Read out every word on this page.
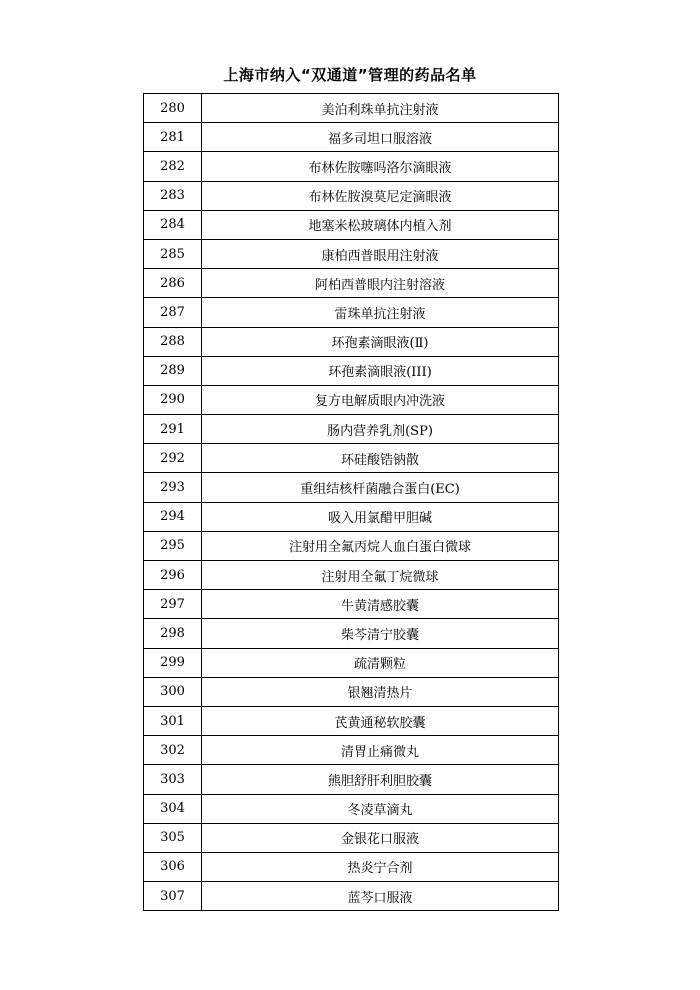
上海市纳入“双通道”管理的药品名单
280	美泊利珠单抗注射液
281	福多司坦口服溶液
282	布林佐胺噻吗洛尔滴眼液
283	布林佐胺溴莫尼定滴眼液
284	地塞米松玻璃体内植入剂
285	康柏西普眼用注射液
286	阿柏西普眼内注射溶液
287	雷珠单抗注射液
288	环孢素滴眼液(Ⅱ)
289	环孢素滴眼液(III)
290	复方电解质眼内冲洗液
291	肠内营养乳剂(SP)
292	环硅酸锆钠散
293	重组结核杆菌融合蛋白(EC)
294	吸入用氯醋甲胆碱
295	注射用全氟丙烷人血白蛋白微球
296	注射用全氟丁烷微球
297	牛黄清感胶囊
298	柴芩清宁胶囊
299	疏清颗粒
300	银翘清热片
301	芪黄通秘软胶囊
302	清胃止痛微丸
303	熊胆舒肝利胆胶囊
304	冬凌草滴丸
305	金银花口服液
306	热炎宁合剂
307	蓝芩口服液
